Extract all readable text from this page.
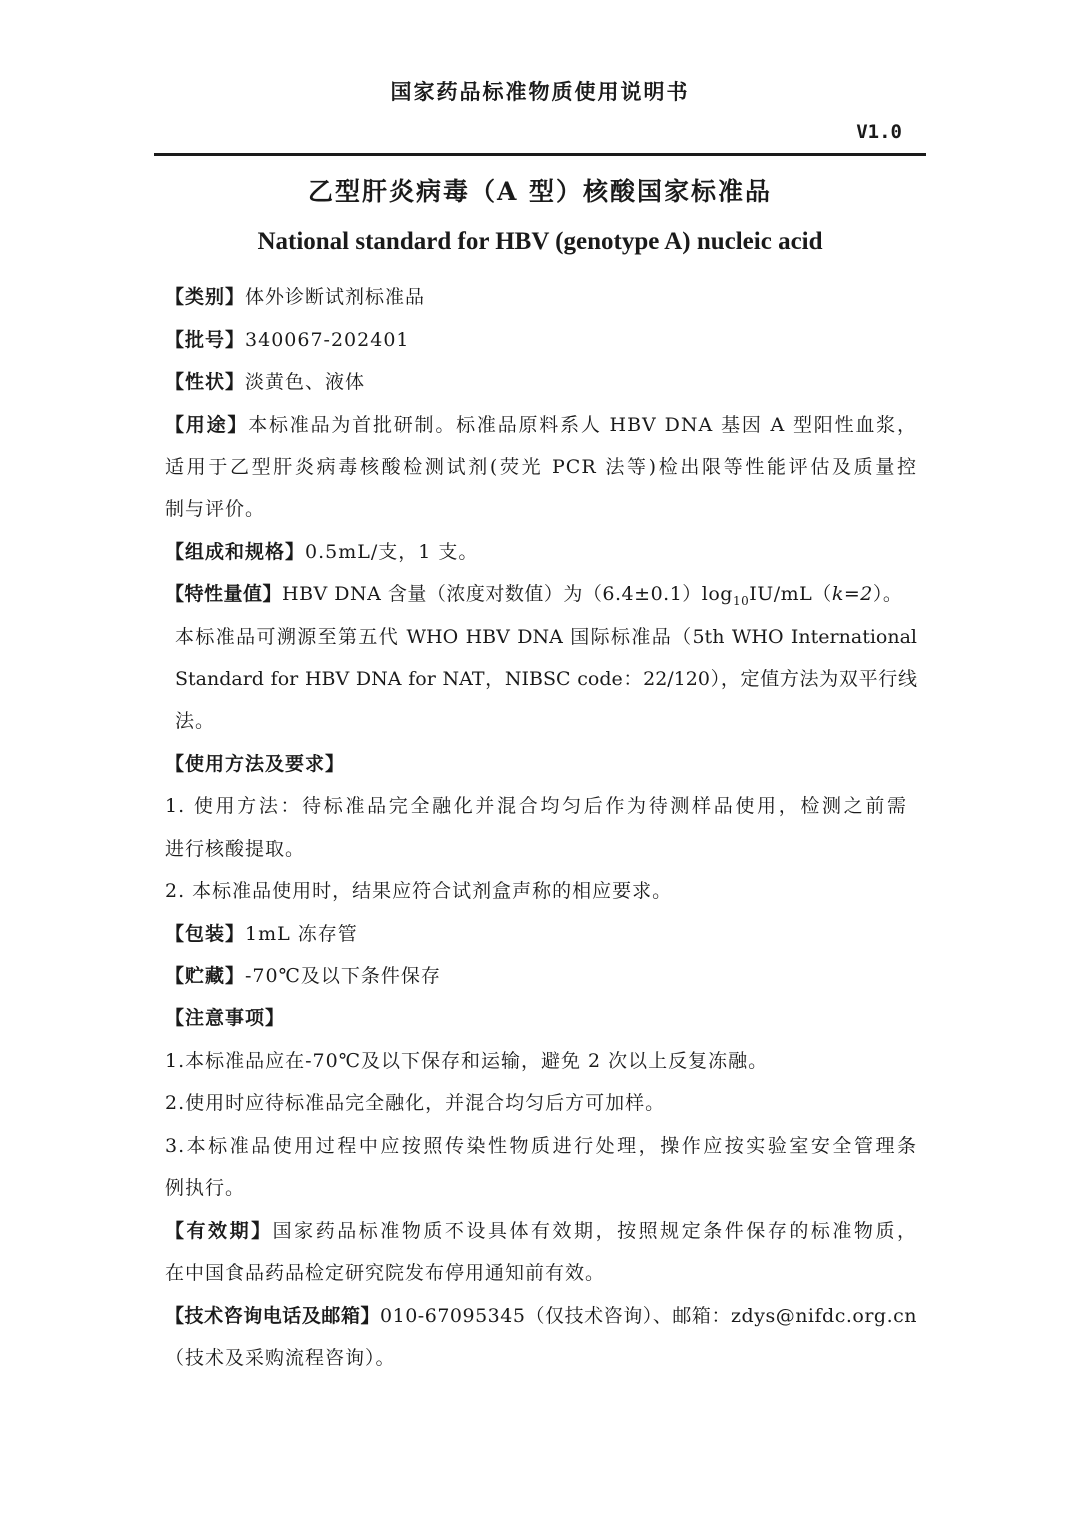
国家药品标准物质使用说明书
V1.0
乙型肝炎病毒（A 型）核酸国家标准品
National standard for HBV (genotype A) nucleic acid
【类别】体外诊断试剂标准品
【批号】340067-202401
【性状】淡黄色、液体
【用途】本标准品为首批研制。标准品原料系人 HBV DNA 基因 A 型阳性血浆，
适用于乙型肝炎病毒核酸检测试剂(荧光 PCR 法等)检出限等性能评估及质量控
制与评价。
【组成和规格】0.5mL/支，1 支。
【特性量值】HBV DNA 含量（浓度对数值）为$(6.4\pm 0.1)\log_{10}IU/mL(k=2)$。
本标准品可溯源至第五代 WHO HBV DNA 国际标准品（5th WHO International
Standard for HBV DNA for NAT，NIBSC code：22/120），定值方法为双平行线
法。
【使用方法及要求】
1. 使用方法：待标准品完全融化并混合均匀后作为待测样品使用，检测之前需
进行核酸提取。
2. 本标准品使用时，结果应符合试剂盒声称的相应要求。
【包装】1mL 冻存管
【贮藏】-70℃及以下条件保存
【注意事项】
1.本标准品应在-70℃及以下保存和运输，避免 2 次以上反复冻融。
2.使用时应待标准品完全融化，并混合均匀后方可加样。
3.本标准品使用过程中应按照传染性物质进行处理，操作应按实验室安全管理条
例执行。
【有效期】国家药品标准物质不设具体有效期，按照规定条件保存的标准物质，
在中国食品药品检定研究院发布停用通知前有效。
【技术咨询电话及邮箱】010-67095345（仅技术咨询）、邮箱：zdys@nifdc.org.cn
（技术及采购流程咨询）。
